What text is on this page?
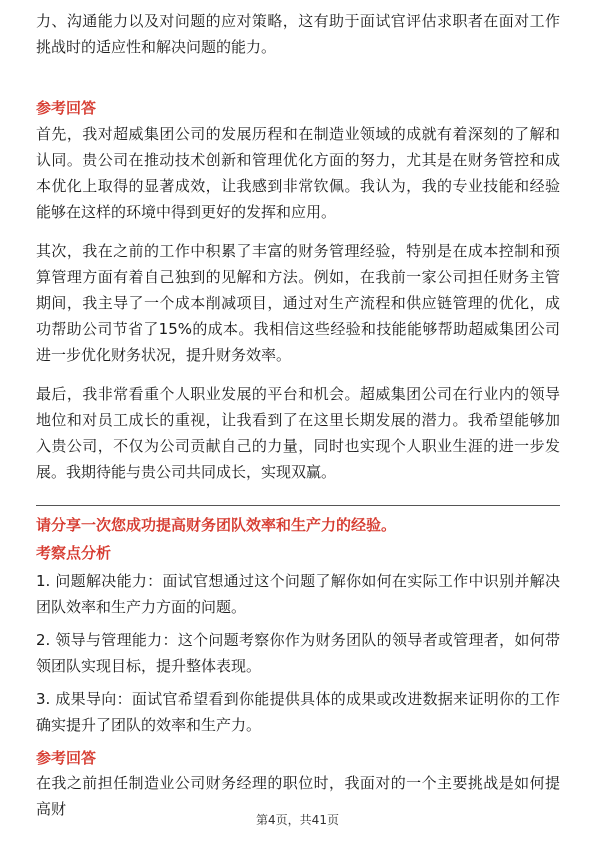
力、沟通能力以及对问题的应对策略，这有助于面试官评估求职者在面对工作挑战时的适应性和解决问题的能力。

参考回答

首先，我对超威集团公司的发展历程和在制造业领域的成就有着深刻的了解和认同。贵公司在推动技术创新和管理优化方面的努力，尤其是在财务管控和成本优化上取得的显著成效，让我感到非常钦佩。我认为，我的专业技能和经验能够在这样的环境中得到更好的发挥和应用。

其次，我在之前的工作中积累了丰富的财务管理经验，特别是在成本控制和预算管理方面有着自己独到的见解和方法。例如，在我前一家公司担任财务主管期间，我主导了一个成本削减项目，通过对生产流程和供应链管理的优化，成功帮助公司节省了15%的成本。我相信这些经验和技能能够帮助超威集团公司进一步优化财务状况，提升财务效率。

最后，我非常看重个人职业发展的平台和机会。超威集团公司在行业内的领导地位和对员工成长的重视，让我看到了在这里长期发展的潜力。我希望能够加入贵公司，不仅为公司贡献自己的力量，同时也实现个人职业生涯的进一步发展。我期待能与贵公司共同成长，实现双赢。

请分享一次您成功提高财务团队效率和生产力的经验。

考察点分析

1. 问题解决能力：面试官想通过这个问题了解你如何在实际工作中识别并解决团队效率和生产力方面的问题。

2. 领导与管理能力：这个问题考察你作为财务团队的领导者或管理者，如何带领团队实现目标，提升整体表现。

3. 成果导向：面试官希望看到你能提供具体的成果或改进数据来证明你的工作确实提升了团队的效率和生产力。

参考回答

在我之前担任制造业公司财务经理的职位时，我面对的一个主要挑战是如何提高财

第4页，共41页
